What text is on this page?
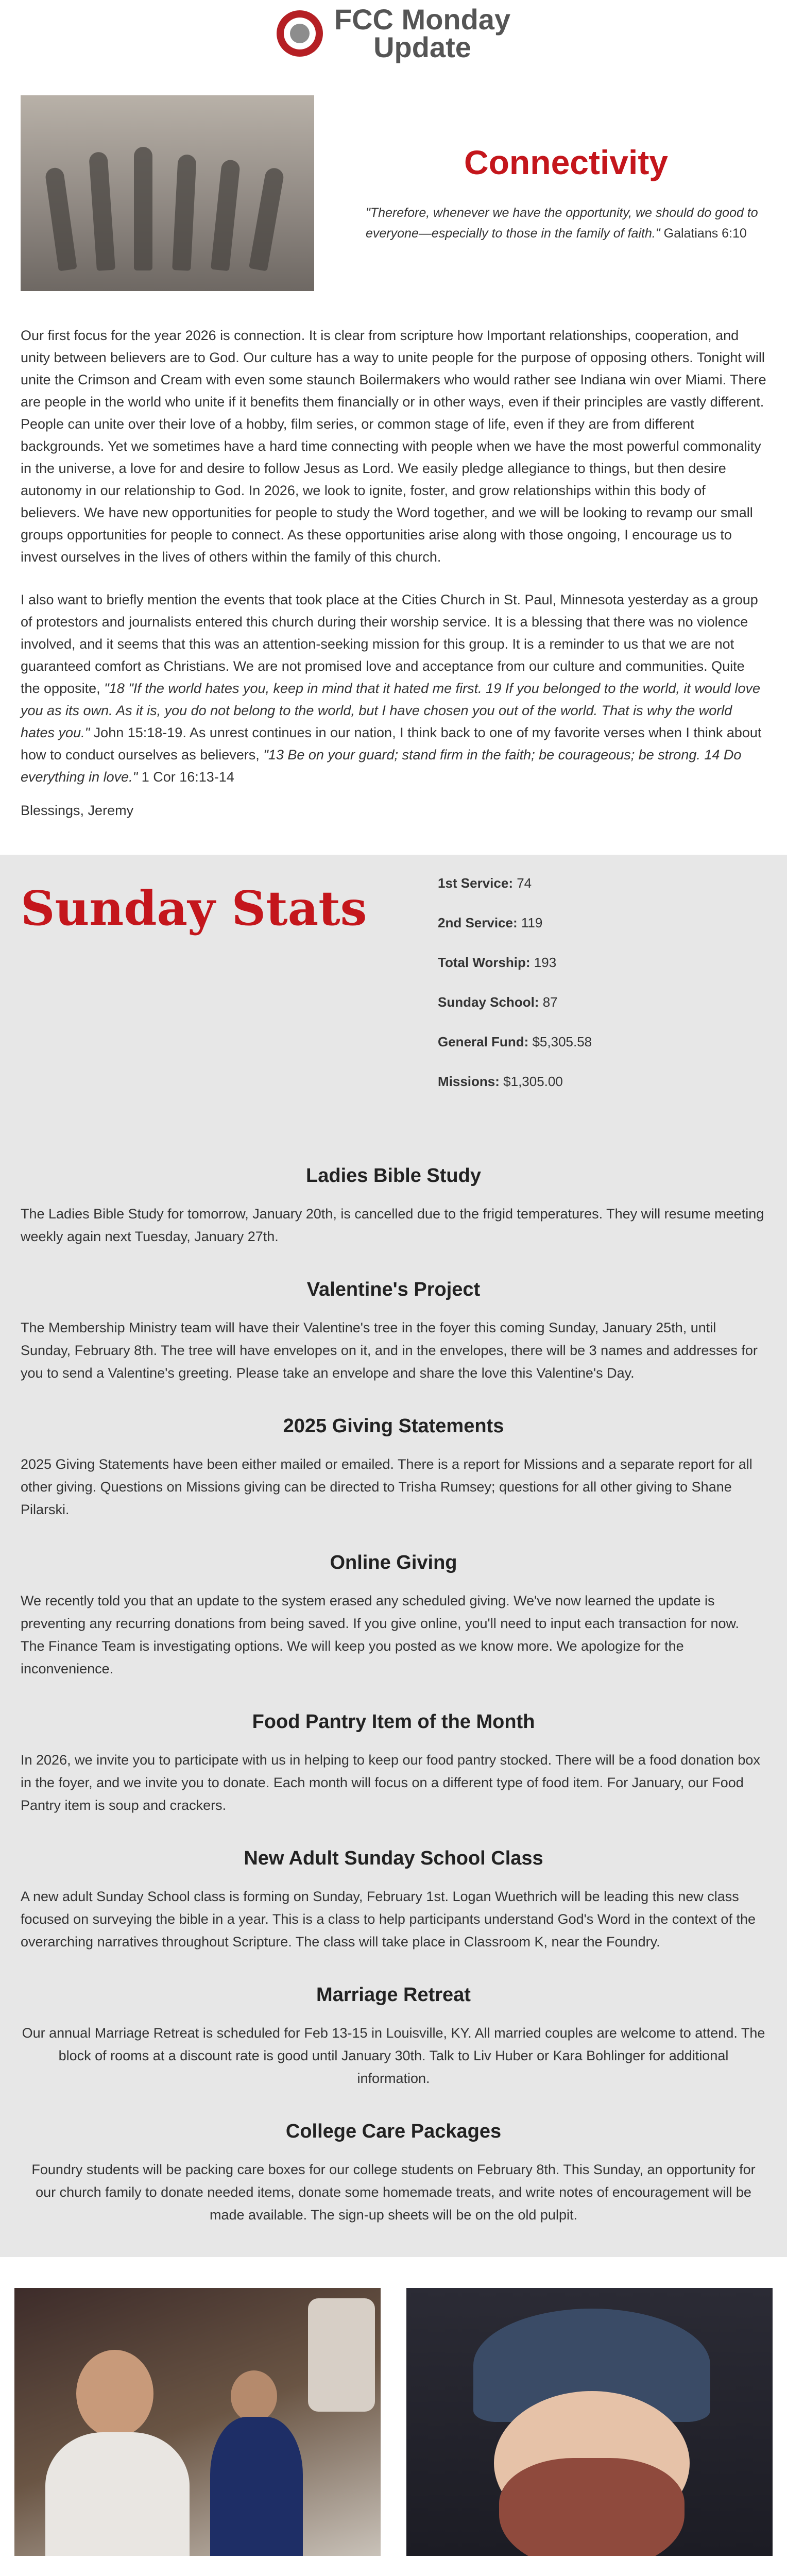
FCC Monday
Update
Connectivity
"Therefore, whenever we have the opportunity, we should do good to everyone—especially to those in the family of faith." Galatians 6:10

Our first focus for the year 2026 is connection. It is clear from scripture how Important relationships, cooperation, and unity between believers are to God. Our culture has a way to unite people for the purpose of opposing others. Tonight will unite the Crimson and Cream with even some staunch Boilermakers who would rather see Indiana win over Miami. There are people in the world who unite if it benefits them financially or in other ways, even if their principles are vastly different. People can unite over their love of a hobby, film series, or common stage of life, even if they are from different backgrounds. Yet we sometimes have a hard time connecting with people when we have the most powerful commonality in the universe, a love for and desire to follow Jesus as Lord. We easily pledge allegiance to things, but then desire autonomy in our relationship to God. In 2026, we look to ignite, foster, and grow relationships within this body of believers. We have new opportunities for people to study the Word together, and we will be looking to revamp our small groups opportunities for people to connect. As these opportunities arise along with those ongoing, I encourage us to invest ourselves in the lives of others within the family of this church.

I also want to briefly mention the events that took place at the Cities Church in St. Paul, Minnesota yesterday as a group of protestors and journalists entered this church during their worship service. It is a blessing that there was no violence involved, and it seems that this was an attention-seeking mission for this group. It is a reminder to us that we are not guaranteed comfort as Christians. We are not promised love and acceptance from our culture and communities. Quite the opposite, "18 "If the world hates you, keep in mind that it hated me first. 19 If you belonged to the world, it would love you as its own. As it is, you do not belong to the world, but I have chosen you out of the world. That is why the world hates you." John 15:18-19. As unrest continues in our nation, I think back to one of my favorite verses when I think about how to conduct ourselves as believers, "13 Be on your guard; stand firm in the faith; be courageous; be strong. 14 Do everything in love." 1 Cor 16:13-14

Blessings, Jeremy
Sunday Stats	1st Service: 74
2nd Service: 119
Total Worship: 193
Sunday School: 87
General Fund: $5,305.58
Missions: $1,305.00
Ladies Bible Study

The Ladies Bible Study for tomorrow, January 20th, is cancelled due to the frigid temperatures. They will resume meeting weekly again next Tuesday, January 27th.

Valentine's Project

The Membership Ministry team will have their Valentine's tree in the foyer this coming Sunday, January 25th, until Sunday, February 8th. The tree will have envelopes on it, and in the envelopes, there will be 3 names and addresses for you to send a Valentine's greeting. Please take an envelope and share the love this Valentine's Day.

2025 Giving Statements

2025 Giving Statements have been either mailed or emailed. There is a report for Missions and a separate report for all other giving. Questions on Missions giving can be directed to Trisha Rumsey; questions for all other giving to Shane Pilarski.

Online Giving

We recently told you that an update to the system erased any scheduled giving. We've now learned the update is preventing any recurring donations from being saved. If you give online, you'll need to input each transaction for now. The Finance Team is investigating options. We will keep you posted as we know more. We apologize for the inconvenience.

Food Pantry Item of the Month

In 2026, we invite you to participate with us in helping to keep our food pantry stocked. There will be a food donation box in the foyer, and we invite you to donate. Each month will focus on a different type of food item. For January, our Food Pantry item is soup and crackers.

New Adult Sunday School Class

A new adult Sunday School class is forming on Sunday, February 1st. Logan Wuethrich will be leading this new class focused on surveying the bible in a year. This is a class to help participants understand God's Word in the context of the overarching narratives throughout Scripture. The class will take place in Classroom K, near the Foundry.

Marriage Retreat

Our annual Marriage Retreat is scheduled for Feb 13-15 in Louisville, KY. All married couples are welcome to attend. The block of rooms at a discount rate is good until January 30th. Talk to Liv Huber or Kara Bohlinger for additional information.

College Care Packages

Foundry students will be packing care boxes for our college students on February 8th. This Sunday, an opportunity for our church family to donate needed items, donate some homemade treats, and write notes of encouragement will be made available. The sign-up sheets will be on the old pulpit.
